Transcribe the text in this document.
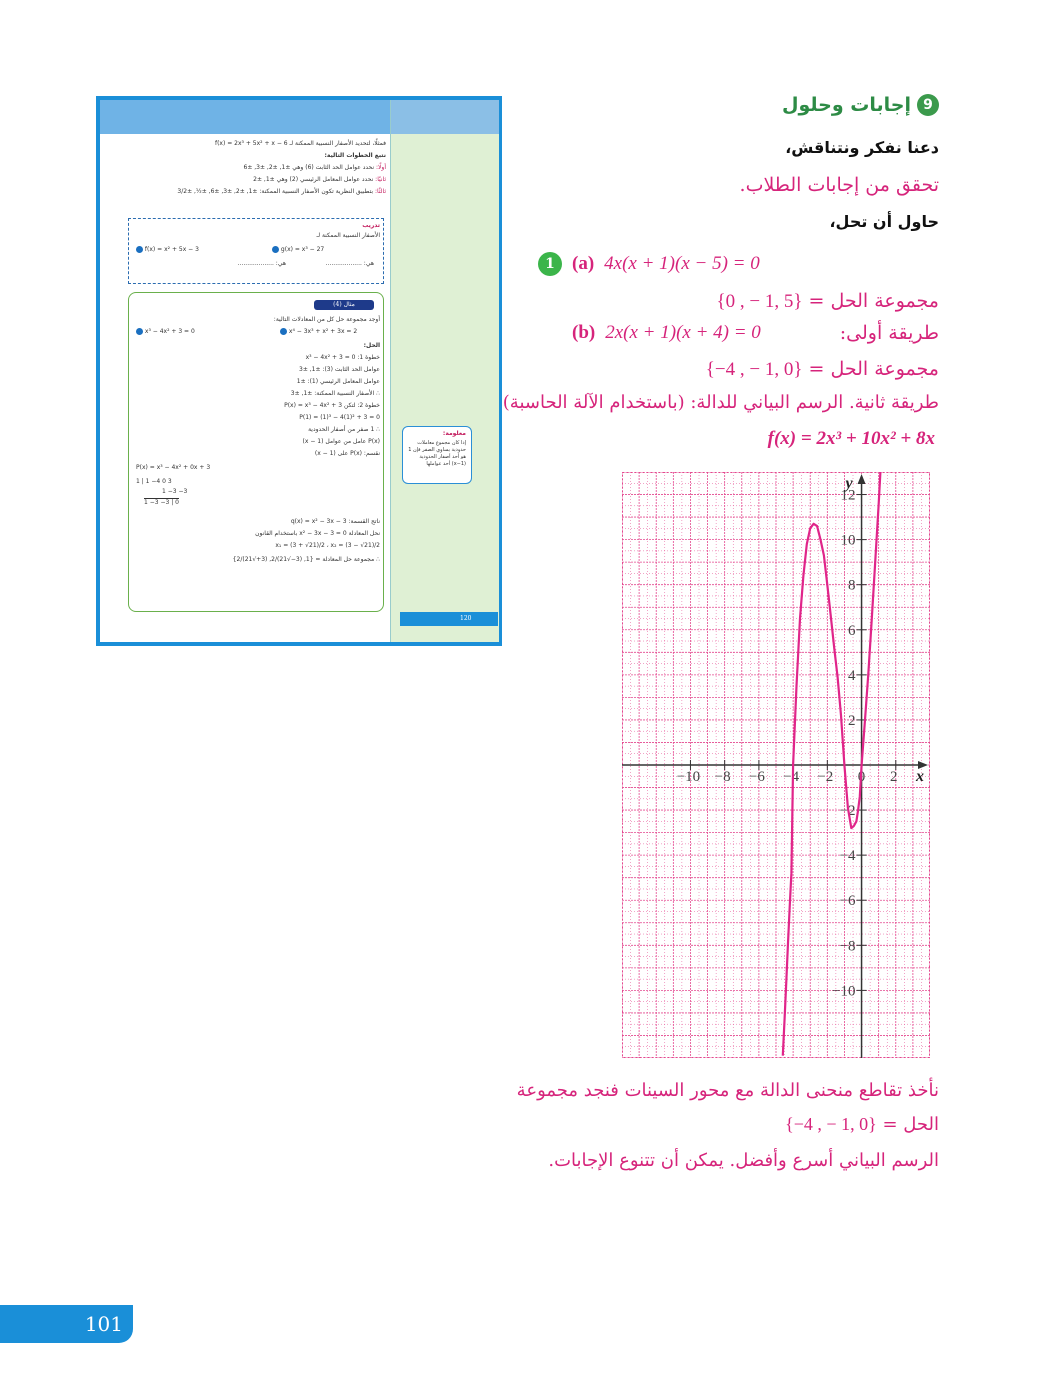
فمثلًا، لتحديد الأصفار النسبية الممكنة لـ f(x) = 2x³ + 5x² + x − 6
نتبع الخطوات التالية:
أولًا: نحدد عوامل الحد الثابت (6) وهي ±1, ±2, ±3, ±6
ثانيًا: نحدد عوامل المعامل الرئيسي (2) وهي ±1, ±2
ثالثًا: بتطبيق النظرية تكون الأصفار النسبية الممكنة: ±1, ±2, ±3, ±6, ±½, ±3/2
تدريب
الأصفار النسبية الممكنة لـ
f(x) = x² + 5x − 3	g(x) = x³ − 27
هي: ...................	هي: ...................
مثال (4)
أوجد مجموعة حل كل من المعادلات التالية:
x³ − 4x² + 3 = 0	x⁴ − 3x³ + x² + 3x = 2
الحل:
خطوة 1: x³ − 4x² + 3 = 0
عوامل الحد الثابت (3): ±1, ±3
عوامل المعامل الرئيسي (1): ±1
∴ الأصفار النسبية الممكنة: ±1, ±3
خطوة 2: لتكن P(x) = x³ − 4x² + 3
P(1) = (1)³ − 4(1)² + 3 = 0
∴ 1 صفر من أصفار الحدودية
P(x) عامل من عوامل (x − 1)
نقسم: P(x) على (x − 1)
P(x) = x³ − 4x² + 0x + 3
1 | 1 −4 0 3
1 −3 −3
1 −3 −3 | 0
ناتج القسمة: q(x) = x² − 3x − 3
نحل المعادلة x² − 3x − 3 = 0 باستخدام القانون
x₁ = (3 + √21)/2 ، x₂ = (3 − √21)/2
∴ مجموعة حل المعادلة = {1, (3−√21)/2, (3+√21)/2}
معلومة:
إذا كان مجموع معاملات حدودية يساوي الصفر فإن 1 هو أحد أصفار الحدودية (x−1) أحد عواملها
120
9
إجابات وحلول
دعنا نفكر ونتناقش،
تحقق من إجابات الطلاب.
حاول أن تحل،
1 (a) 4x(x + 1)(x − 5) = 0
مجموعة الحل = {0 , − 1, 5}
طريقة أولى:
(b) 2x(x + 1)(x + 4) = 0
مجموعة الحل = {−4 , − 1, 0}
طريقة ثانية. الرسم البياني للدالة: (باستخدام الآلة الحاسبة)
f(x) = 2x³ + 10x² + 8x
−10 −8 −6 −4 −2 0 2
12
10
8
6
4
2
−2
−4
−6
−8
−10
x
y
نأخذ تقاطع منحنى الدالة مع محور السينات فنجد مجموعة
الحل = {−4 , − 1, 0}
الرسم البياني أسرع وأفضل. يمكن أن تتنوع الإجابات.
101
